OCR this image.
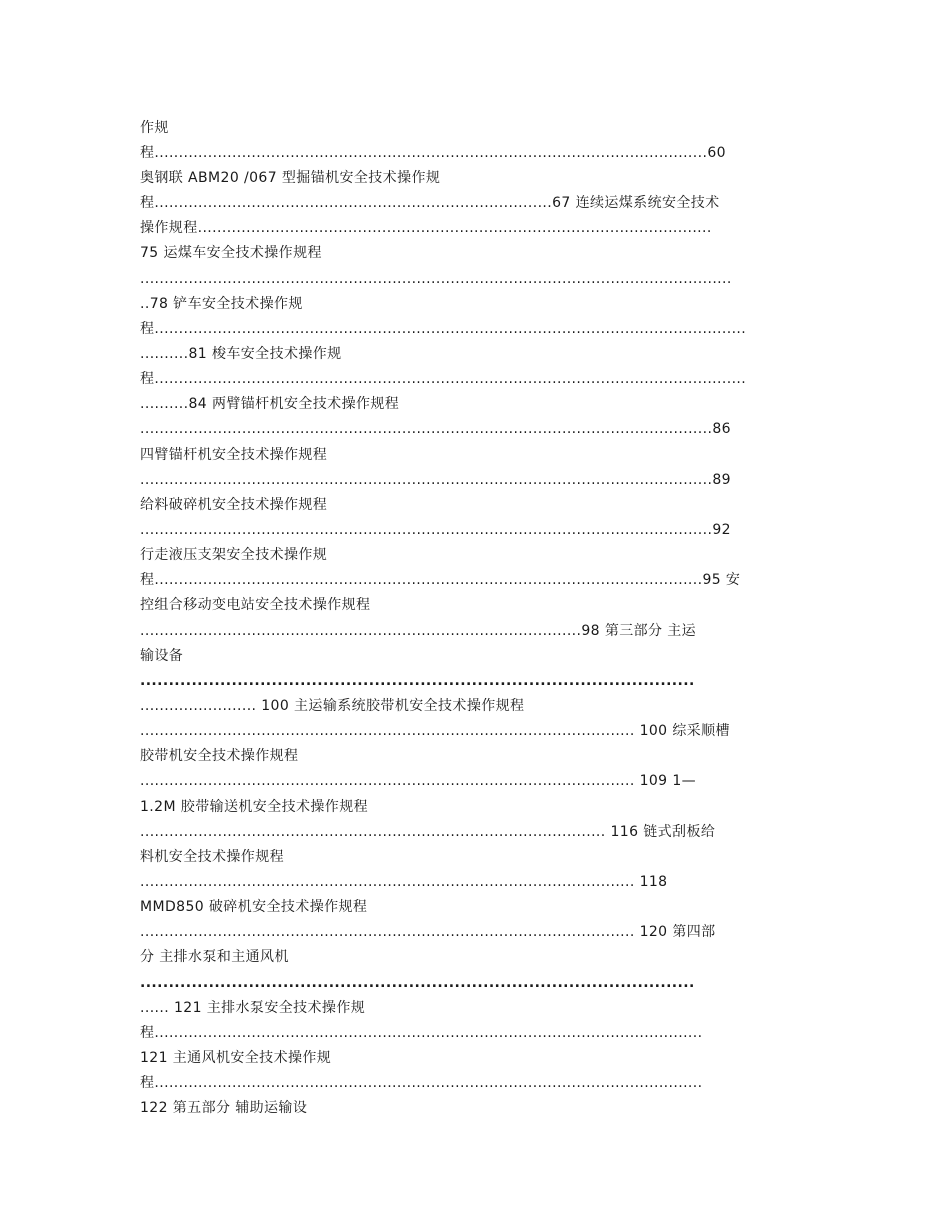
作规
程..................................................................................................................60
奥钢联 ABM20 /067 型掘锚机安全技术操作规
程..................................................................................67 连续运煤系统安全技术
操作规程..........................................................................................................
75 运煤车安全技术操作规程
..........................................................................................................................
..78 铲车安全技术操作规
程..........................................................................................................................
..........81 梭车安全技术操作规
程..........................................................................................................................
..........84 两臂锚杆机安全技术操作规程
......................................................................................................................86
四臂锚杆机安全技术操作规程
......................................................................................................................89
给料破碎机安全技术操作规程
......................................................................................................................92
行走液压支架安全技术操作规
程.................................................................................................................95 安
控组合移动变电站安全技术操作规程
...........................................................................................98 第三部分 主运
输设备
.................................................................................................
........................ 100 主运输系统胶带机安全技术操作规程
...................................................................................................... 100 综采顺槽
胶带机安全技术操作规程
...................................................................................................... 109 1—
1.2M 胶带输送机安全技术操作规程
................................................................................................ 116 链式刮板给
料机安全技术操作规程
...................................................................................................... 118
MMD850 破碎机安全技术操作规程
...................................................................................................... 120 第四部
分 主排水泵和主通风机
.................................................................................................
...... 121 主排水泵安全技术操作规
程.................................................................................................................
121 主通风机安全技术操作规
程.................................................................................................................
122 第五部分 辅助运输设
